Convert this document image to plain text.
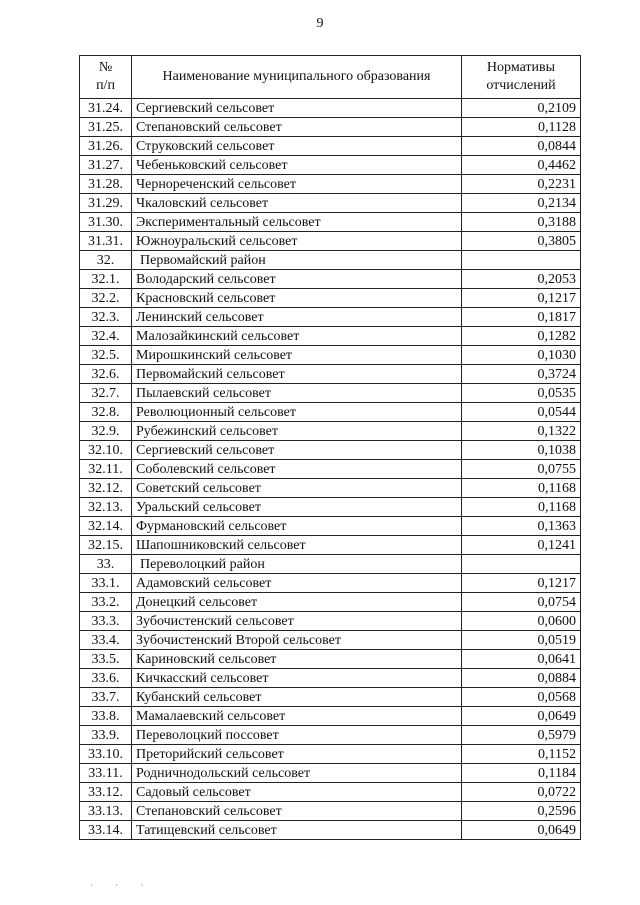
9
№
п/п	Наименование муниципального образования	Нормативы отчислений
31.24.	Сергиевский сельсовет	0,2109
31.25.	Степановский сельсовет	0,1128
31.26.	Струковский сельсовет	0,0844
31.27.	Чебеньковский сельсовет	0,4462
31.28.	Чернореченский сельсовет	0,2231
31.29.	Чкаловский сельсовет	0,2134
31.30.	Экспериментальный сельсовет	0,3188
31.31.	Южноуральский сельсовет	0,3805
32.	Первомайский район	
32.1.	Володарский сельсовет	0,2053
32.2.	Красновский сельсовет	0,1217
32.3.	Ленинский сельсовет	0,1817
32.4.	Малозайкинский сельсовет	0,1282
32.5.	Мирошкинский сельсовет	0,1030
32.6.	Первомайский сельсовет	0,3724
32.7.	Пылаевский сельсовет	0,0535
32.8.	Революционный сельсовет	0,0544
32.9.	Рубежинский сельсовет	0,1322
32.10.	Сергиевский сельсовет	0,1038
32.11.	Соболевский сельсовет	0,0755
32.12.	Советский сельсовет	0,1168
32.13.	Уральский сельсовет	0,1168
32.14.	Фурмановский сельсовет	0,1363
32.15.	Шапошниковский сельсовет	0,1241
33.	Переволоцкий район	
33.1.	Адамовский сельсовет	0,1217
33.2.	Донецкий сельсовет	0,0754
33.3.	Зубочистенский сельсовет	0,0600
33.4.	Зубочистенский Второй сельсовет	0,0519
33.5.	Кариновский сельсовет	0,0641
33.6.	Кичкасский сельсовет	0,0884
33.7.	Кубанский сельсовет	0,0568
33.8.	Мамалаевский сельсовет	0,0649
33.9.	Переволоцкий поссовет	0,5979
33.10.	Преторийский сельсовет	0,1152
33.11.	Родничнодольский сельсовет	0,1184
33.12.	Садовый сельсовет	0,0722
33.13.	Степановский сельсовет	0,2596
33.14.	Татищевский сельсовет	0,0649
· · ·
